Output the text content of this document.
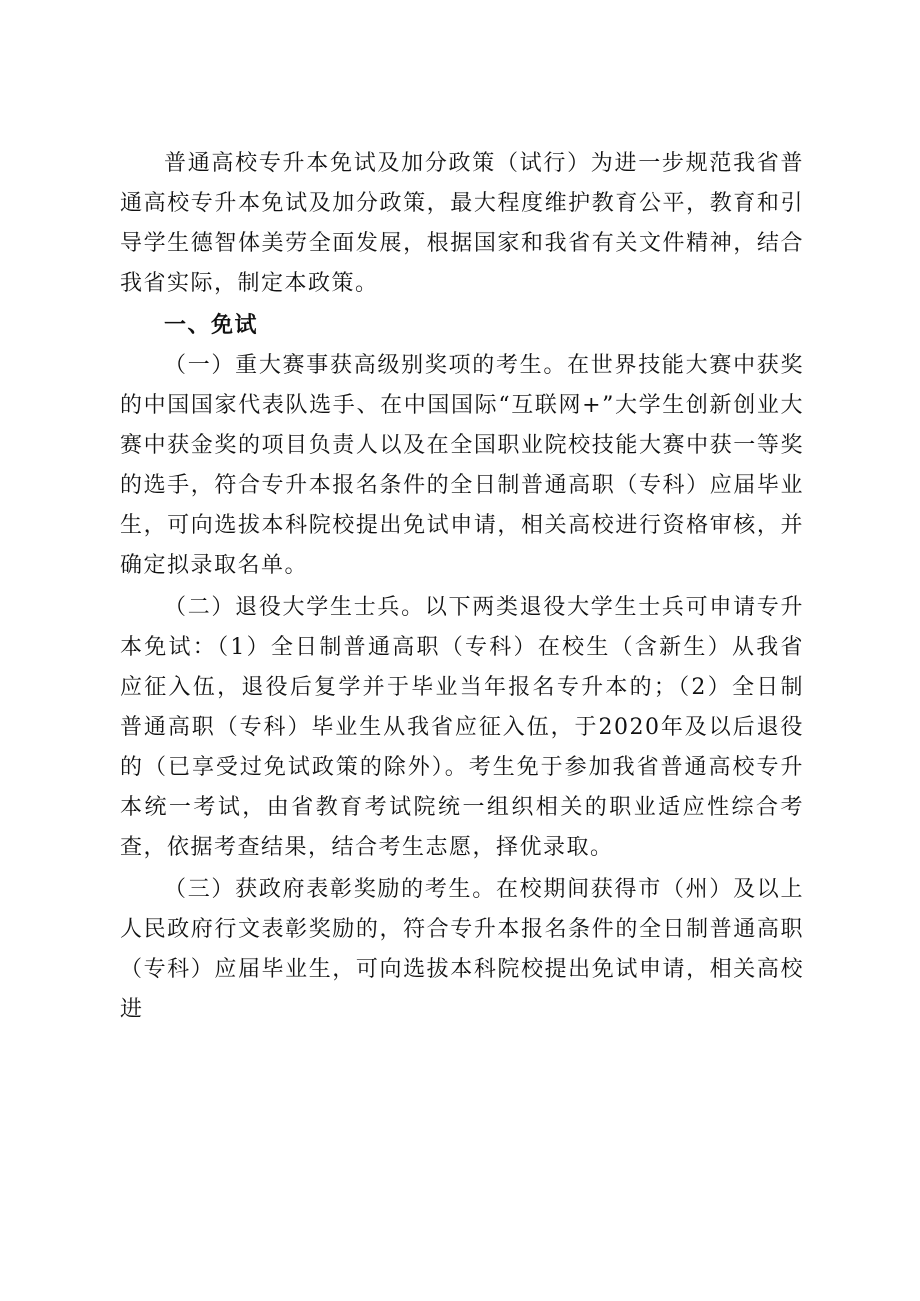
普通高校专升本免试及加分政策（试行）为进一步规范我省普通高校专升本免试及加分政策，最大程度维护教育公平，教育和引导学生德智体美劳全面发展，根据国家和我省有关文件精神，结合我省实际，制定本政策。

一、免试

（一）重大赛事获高级别奖项的考生。在世界技能大赛中获奖的中国国家代表队选手、在中国国际“互联网+”大学生创新创业大赛中获金奖的项目负责人以及在全国职业院校技能大赛中获一等奖的选手，符合专升本报名条件的全日制普通高职（专科）应届毕业生，可向选拔本科院校提出免试申请，相关高校进行资格审核，并确定拟录取名单。

（二）退役大学生士兵。以下两类退役大学生士兵可申请专升本免试：（1）全日制普通高职（专科）在校生（含新生）从我省应征入伍，退役后复学并于毕业当年报名专升本的；（2）全日制普通高职（专科）毕业生从我省应征入伍，于2020年及以后退役的（已享受过免试政策的除外）。考生免于参加我省普通高校专升本统一考试，由省教育考试院统一组织相关的职业适应性综合考查，依据考查结果，结合考生志愿，择优录取。

（三）获政府表彰奖励的考生。在校期间获得市（州）及以上人民政府行文表彰奖励的，符合专升本报名条件的全日制普通高职（专科）应届毕业生，可向选拔本科院校提出免试申请，相关高校进
